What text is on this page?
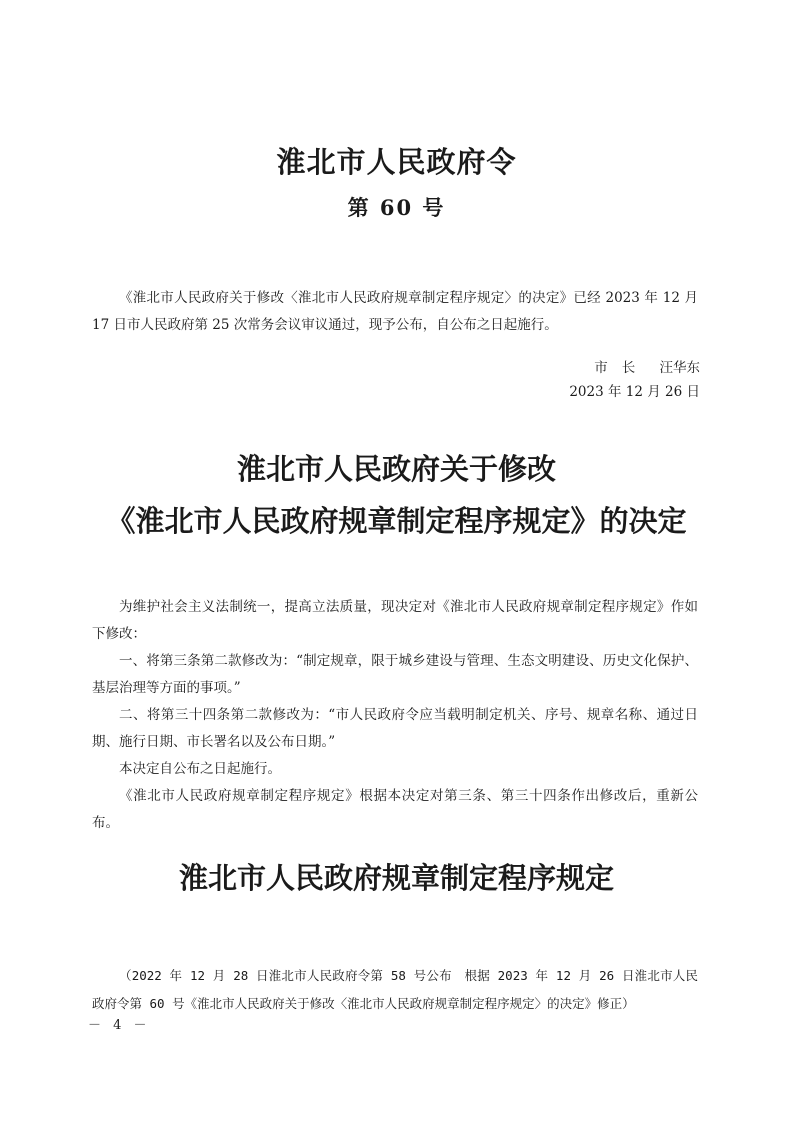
淮北市人民政府令
第 60 号

《淮北市人民政府关于修改〈淮北市人民政府规章制定程序规定〉的决定》已经 2023 年 12 月 17 日市人民政府第 25 次常务会议审议通过，现予公布，自公布之日起施行。

市长 汪华东
2023 年 12 月 26 日
淮北市人民政府关于修改
《淮北市人民政府规章制定程序规定》的决定

为维护社会主义法制统一，提高立法质量，现决定对《淮北市人民政府规章制定程序规定》作如下修改：

一、将第三条第二款修改为：“制定规章，限于城乡建设与管理、生态文明建设、历史文化保护、基层治理等方面的事项。”

二、将第三十四条第二款修改为：“市人民政府令应当载明制定机关、序号、规章名称、通过日期、施行日期、市长署名以及公布日期。”

本决定自公布之日起施行。

《淮北市人民政府规章制定程序规定》根据本决定对第三条、第三十四条作出修改后，重新公布。

淮北市人民政府规章制定程序规定

（2022 年 12 月 28 日淮北市人民政府令第 58 号公布　根据 2023 年 12 月 26 日淮北市人民政府令第 60 号《淮北市人民政府关于修改〈淮北市人民政府规章制定程序规定〉的决定》修正）

－ 4 －
